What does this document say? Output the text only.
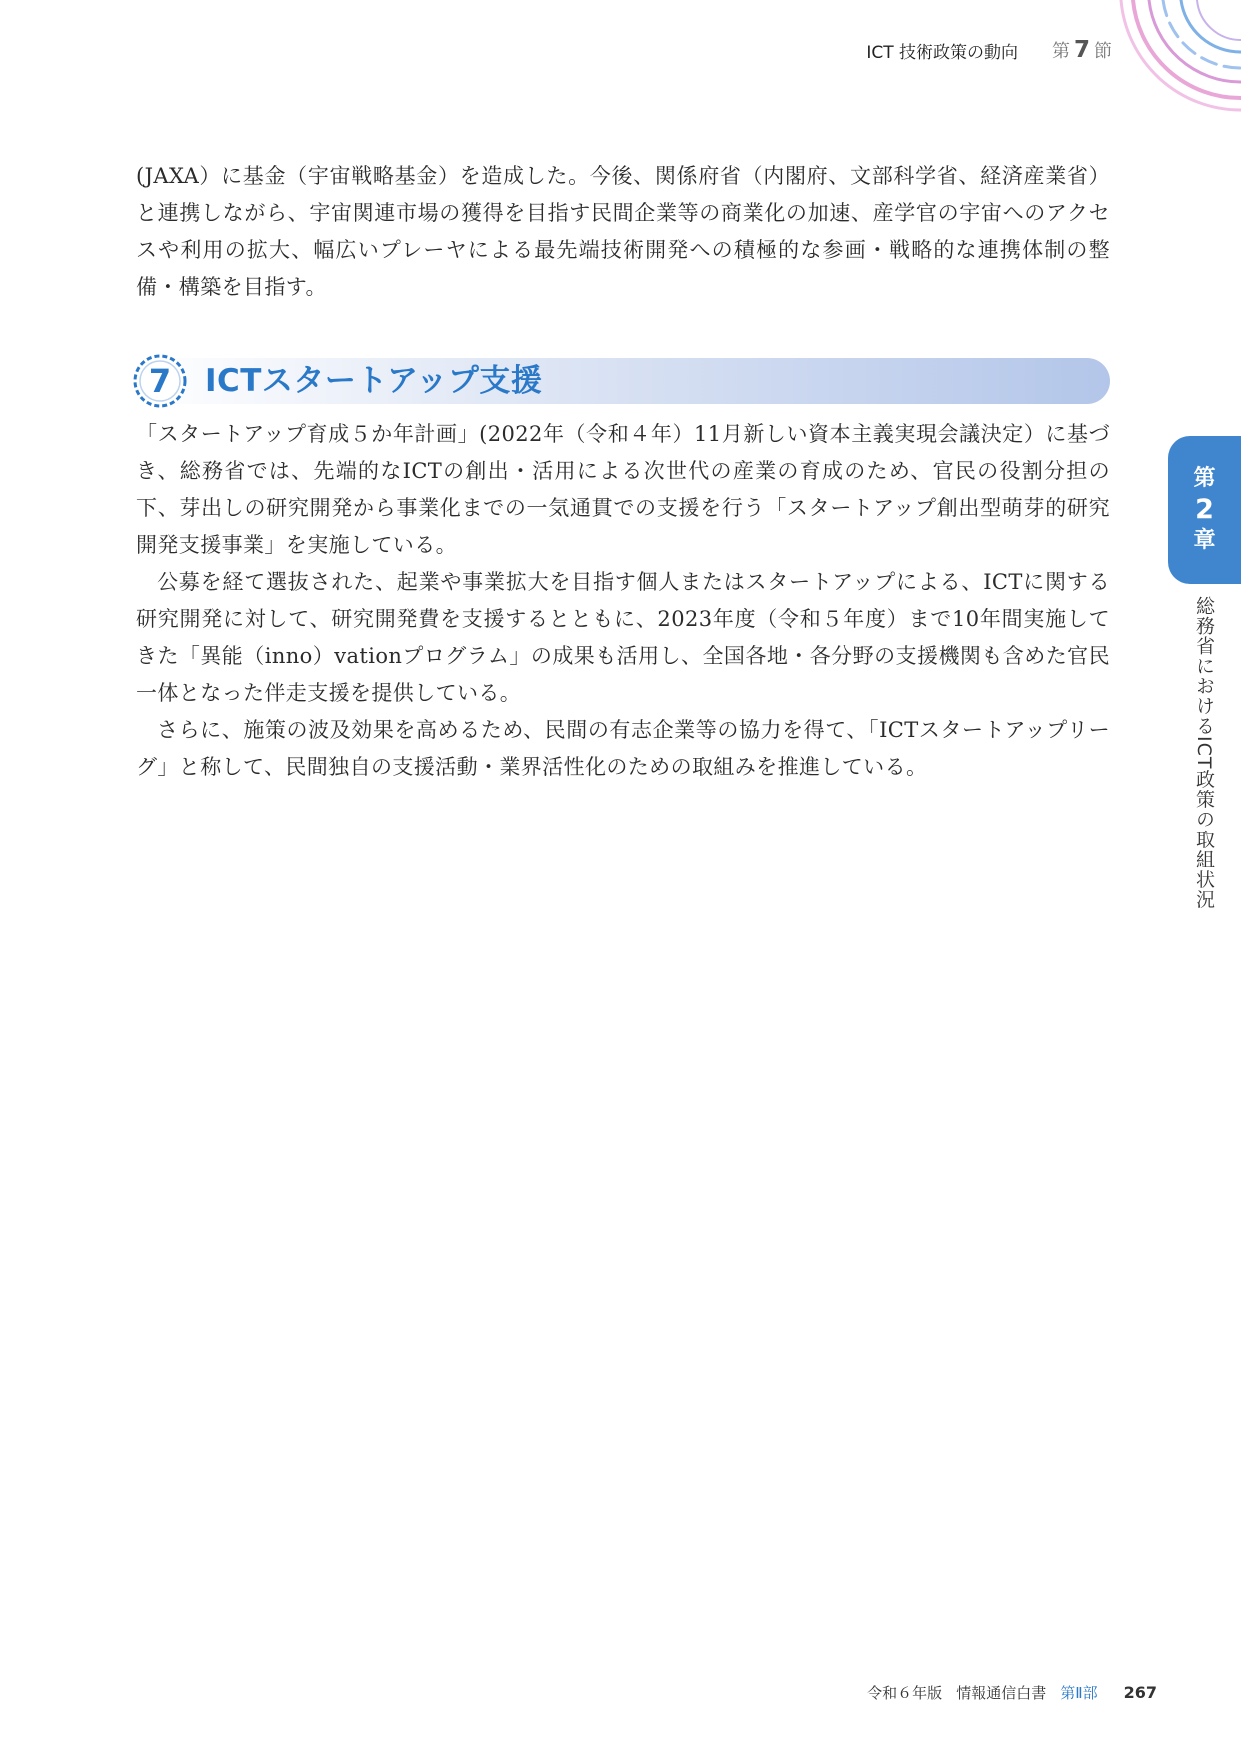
ICT 技術政策の動向 第 7 節

(JAXA）に基金（宇宙戦略基金）を造成した。今後、関係府省（内閣府、文部科学省、経済産業省）と連携しながら、宇宙関連市場の獲得を目指す民間企業等の商業化の加速、産学官の宇宙へのアクセスや利用の拡大、幅広いプレーヤによる最先端技術開発への積極的な参画・戦略的な連携体制の整備・構築を目指す。

7	ICTスタートアップ支援

「スタートアップ育成５か年計画」(2022年（令和４年）11月新しい資本主義実現会議決定）に基づき、総務省では、先端的なICTの創出・活用による次世代の産業の育成のため、官民の役割分担の下、芽出しの研究開発から事業化までの一気通貫での支援を行う「スタートアップ創出型萌芽的研究開発支援事業」を実施している。

公募を経て選抜された、起業や事業拡大を目指す個人またはスタートアップによる、ICTに関する研究開発に対して、研究開発費を支援するとともに、2023年度（令和５年度）まで10年間実施してきた「異能（inno）vationプログラム」の成果も活用し、全国各地・各分野の支援機関も含めた官民一体となった伴走支援を提供している。

さらに、施策の波及効果を高めるため、民間の有志企業等の協力を得て、「ICTスタートアップリーグ」と称して、民間独自の支援活動・業界活性化のための取組みを推進している。

第
2
章
総務省におけるICT政策の取組状況
令和６年版 情報通信白書 第Ⅱ部 267
